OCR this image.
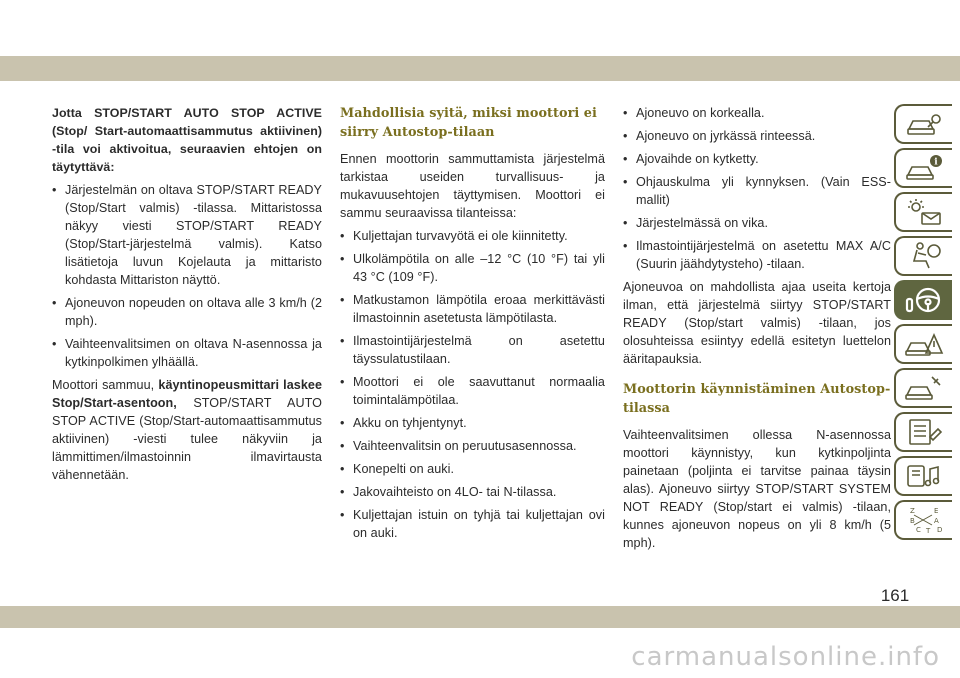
Jotta STOP/START AUTO STOP ACTIVE (Stop/ Start-automaattisammutus aktiivinen) -tila voi aktivoitua, seuraavien ehtojen on täytyttävä:

• Järjestelmän on oltava STOP/START READY (Stop/Start valmis) -tilassa. Mittaristossa näkyy viesti STOP/START READY (Stop/Start-järjestelmä valmis). Katso lisätietoja luvun Kojelauta ja mittaristo kohdasta Mittariston näyttö.
• Ajoneuvon nopeuden on oltava alle 3 km/h (2 mph).
• Vaihteenvalitsimen on oltava N-asennossa ja kytkinpolkimen ylhäällä.

Moottori sammuu, käyntinopeusmittari laskee Stop/Start-asentoon, STOP/START AUTO STOP ACTIVE (Stop/Start-automaattisammutus aktiivinen) -viesti tulee näkyviin ja lämmittimen/ilmastoinnin ilmavirtausta vähennetään.

Mahdollisia syitä, miksi moottori ei siirry Autostop-tilaan

Ennen moottorin sammuttamista järjestelmä tarkistaa useiden turvallisuus- ja mukavuusehtojen täyttymisen. Moottori ei sammu seuraavissa tilanteissa:

• Kuljettajan turvavyötä ei ole kiinnitetty.
• Ulkolämpötila on alle –12 °C (10 °F) tai yli 43 °C (109 °F).
• Matkustamon lämpötila eroaa merkittävästi ilmastoinnin asetetusta lämpötilasta.
• Ilmastointijärjestelmä on asetettu täyssulatustilaan.
• Moottori ei ole saavuttanut normaalia toimintalämpötilaa.
• Akku on tyhjentynyt.
• Vaihteenvalitsin on peruutusasennossa.
• Konepelti on auki.
• Jakovaihteisto on 4LO- tai N-tilassa.
• Kuljettajan istuin on tyhjä tai kuljettajan ovi on auki.
• Ajoneuvo on korkealla.
• Ajoneuvo on jyrkässä rinteessä.
• Ajovaihde on kytketty.
• Ohjauskulma yli kynnyksen. (Vain ESS-mallit)
• Järjestelmässä on vika.
• Ilmastointijärjestelmä on asetettu MAX A/C (Suurin jäähdytysteho) -tilaan.

Ajoneuvoa on mahdollista ajaa useita kertoja ilman, että järjestelmä siirtyy STOP/START READY (Stop/start valmis) -tilaan, jos olosuhteissa esiintyy edellä esitetyn luettelon ääritapauksia.

Moottorin käynnistäminen Autostop-tilassa

Vaihteenvalitsimen ollessa N-asennossa moottori käynnistyy, kun kytkinpoljinta painetaan (poljinta ei tarvitse painaa täysin alas). Ajoneuvo siirtyy STOP/START SYSTEM NOT READY (Stop/start ei valmis) -tilaan, kunnes ajoneuvon nopeus on yli 8 km/h (5 mph).

i
Z	E
B	A
D
C T
161
carmanualsonline.info
